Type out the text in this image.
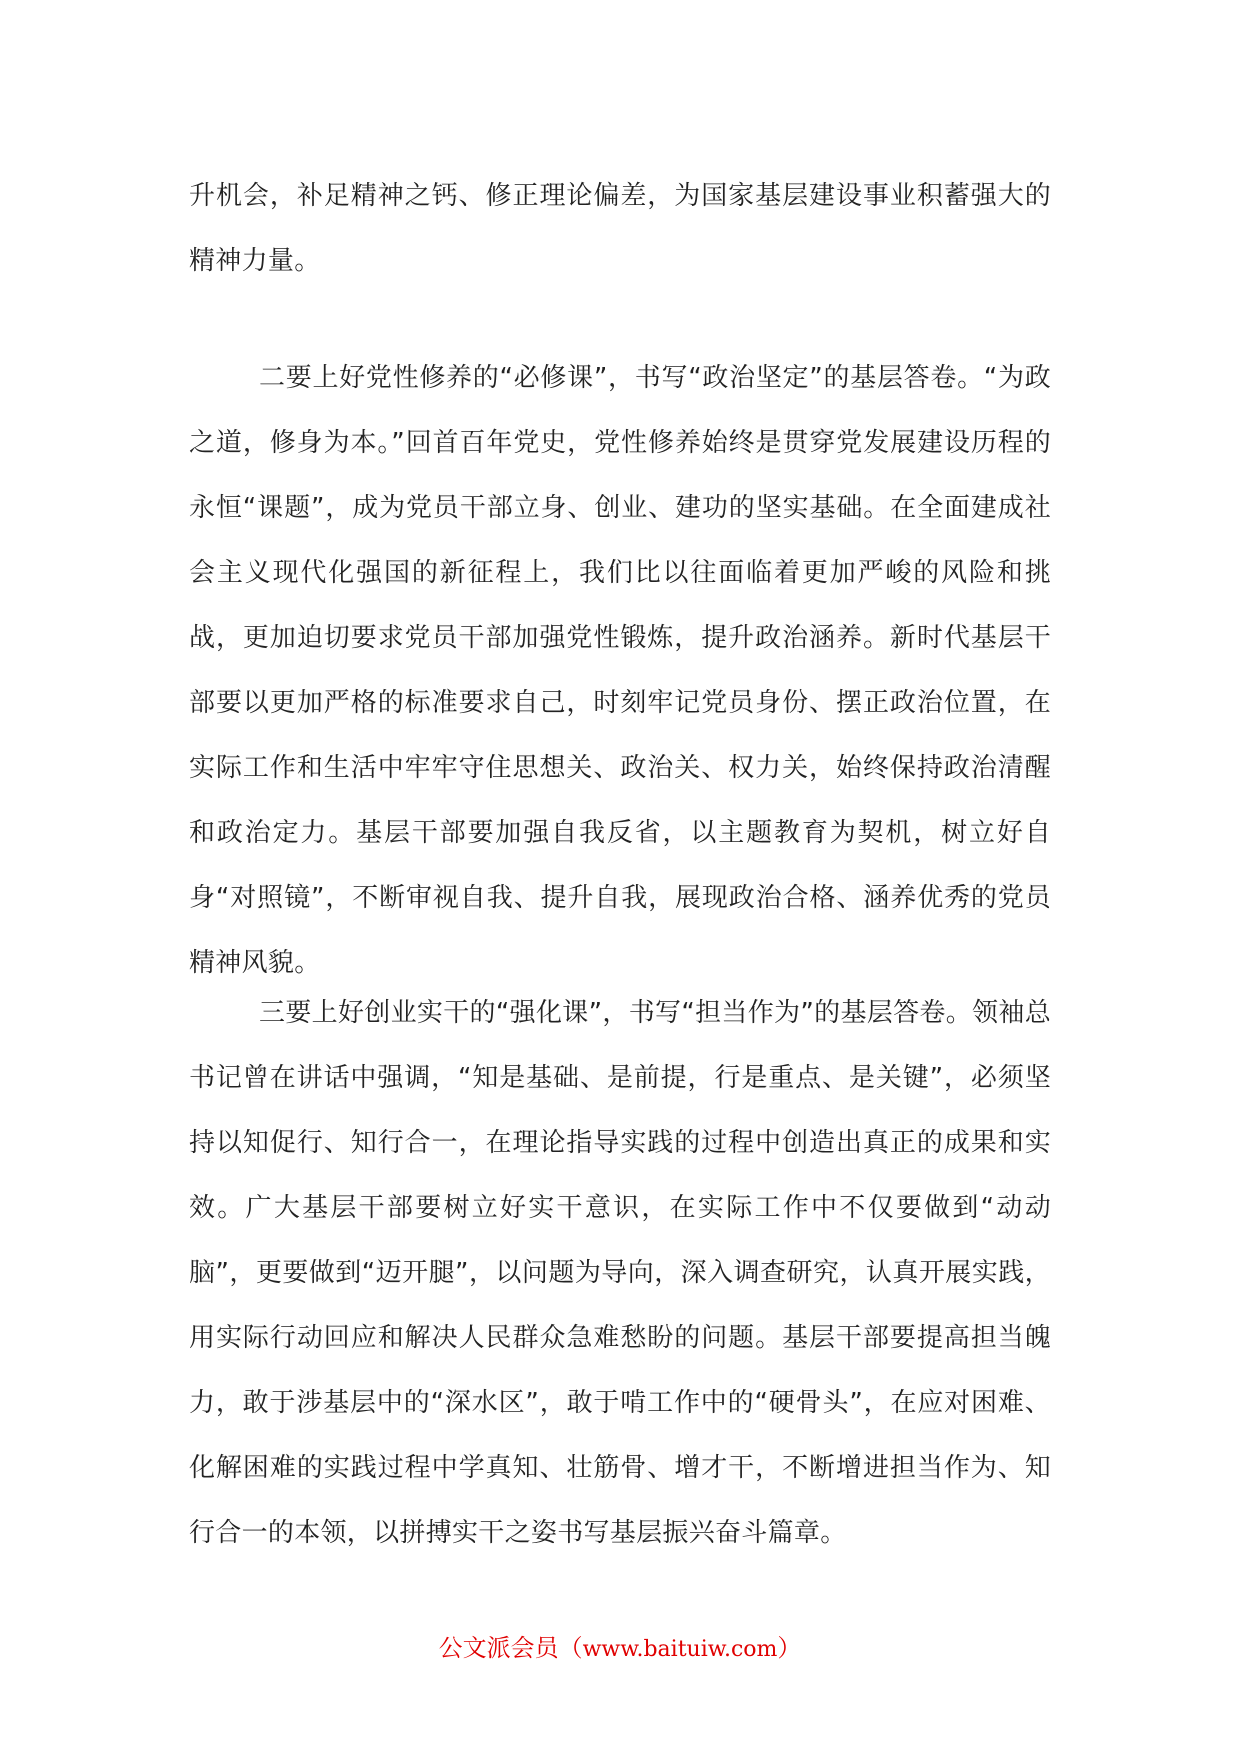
升机会，补足精神之钙、修正理论偏差，为国家基层建设事业积蓄强大的精神力量。

二要上好党性修养的“必修课”，书写“政治坚定”的基层答卷。“为政之道，修身为本。”回首百年党史，党性修养始终是贯穿党发展建设历程的永恒“课题”，成为党员干部立身、创业、建功的坚实基础。在全面建成社会主义现代化强国的新征程上，我们比以往面临着更加严峻的风险和挑战，更加迫切要求党员干部加强党性锻炼，提升政治涵养。新时代基层干部要以更加严格的标准要求自己，时刻牢记党员身份、摆正政治位置，在实际工作和生活中牢牢守住思想关、政治关、权力关，始终保持政治清醒和政治定力。基层干部要加强自我反省，以主题教育为契机，树立好自身“对照镜”，不断审视自我、提升自我，展现政治合格、涵养优秀的党员精神风貌。

三要上好创业实干的“强化课”，书写“担当作为”的基层答卷。领袖总书记曾在讲话中强调，“知是基础、是前提，行是重点、是关键”，必须坚持以知促行、知行合一，在理论指导实践的过程中创造出真正的成果和实效。广大基层干部要树立好实干意识，在实际工作中不仅要做到“动动脑”，更要做到“迈开腿”，以问题为导向，深入调查研究，认真开展实践，用实际行动回应和解决人民群众急难愁盼的问题。基层干部要提高担当魄力，敢于涉基层中的“深水区”，敢于啃工作中的“硬骨头”，在应对困难、化解困难的实践过程中学真知、壮筋骨、增才干，不断增进担当作为、知行合一的本领，以拼搏实干之姿书写基层振兴奋斗篇章。

公文派会员（www.baituiw.com）
